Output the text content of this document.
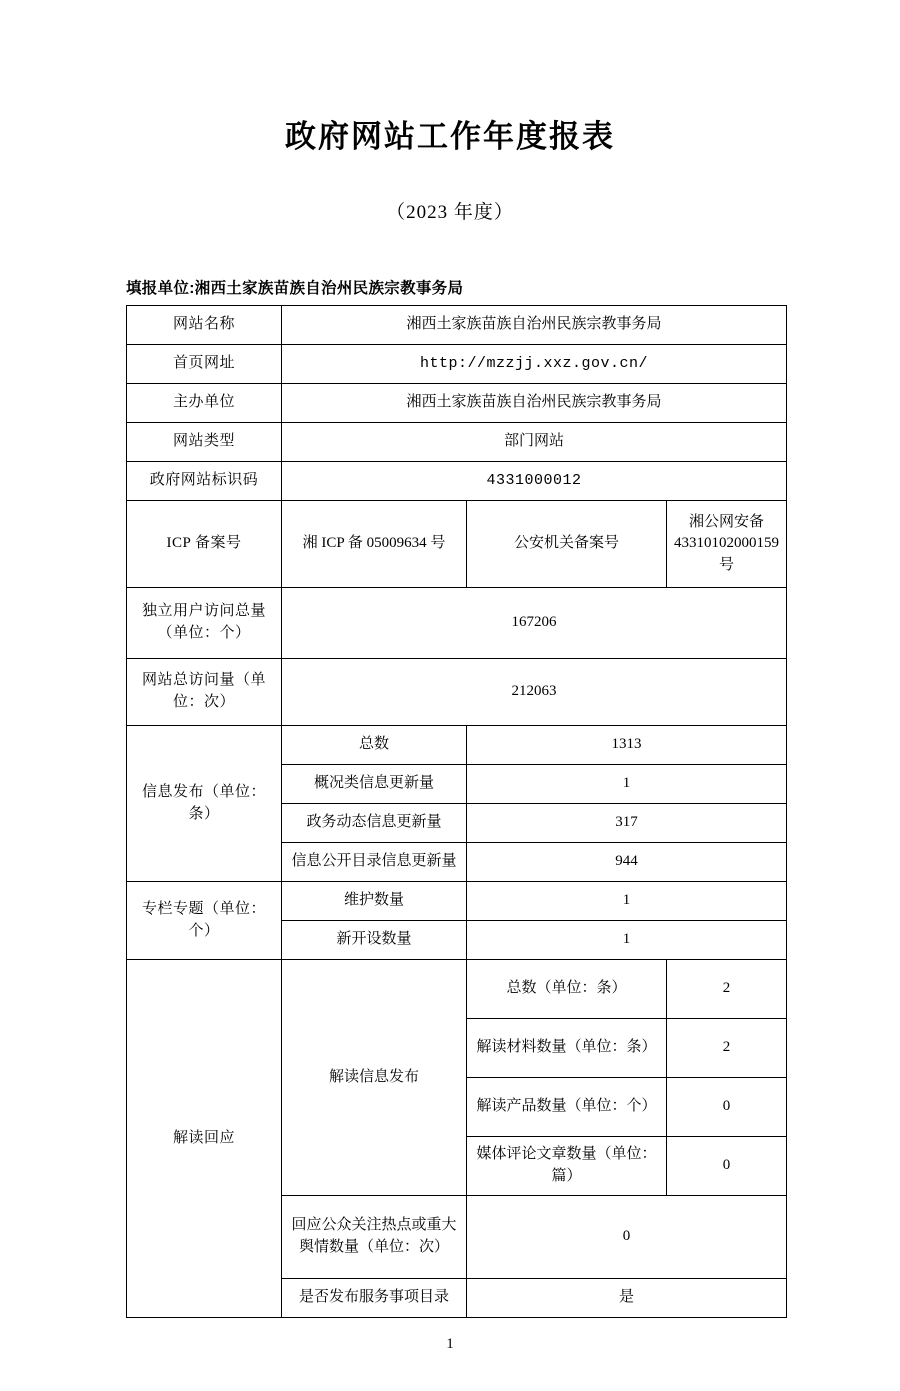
政府网站工作年度报表
（2023 年度）
填报单位:湘西土家族苗族自治州民族宗教事务局
网站名称	湘西土家族苗族自治州民族宗教事务局		
首页网址	http://mzzjj.xxz.gov.cn/		
主办单位	湘西土家族苗族自治州民族宗教事务局		
网站类型	部门网站		
政府网站标识码	4331000012		
ICP 备案号	湘 ICP 备 05009634 号	公安机关备案号	湘公网安备 43310102000159 号
独立用户访问总量（单位：个）	167206		
网站总访问量（单位：次）	212063		
信息发布（单位：条）	总数	1313	
	概况类信息更新量	1	
	政务动态信息更新量	317	
	信息公开目录信息更新量	944	
专栏专题（单位：个）	维护数量	1	
	新开设数量	1	
解读回应	解读信息发布	总数（单位：条）	2
		解读材料数量（单位：条）	2
		解读产品数量（单位：个）	0
		媒体评论文章数量（单位：篇）	0
	回应公众关注热点或重大舆情数量（单位：次）	0	
	是否发布服务事项目录	是	
1
